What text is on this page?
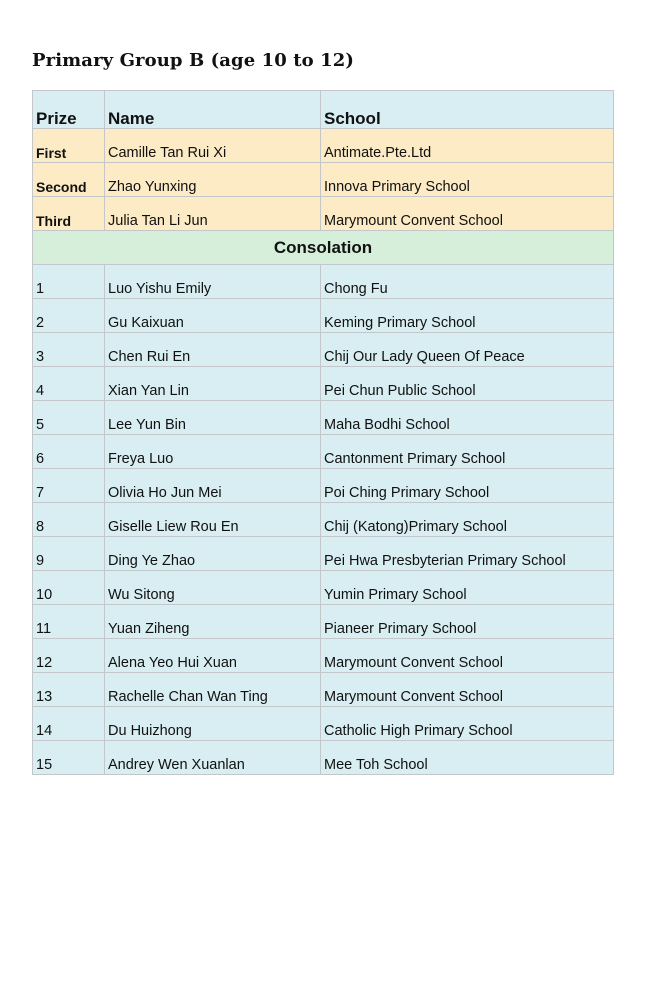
Primary Group B (age 10 to 12)
Prize	Name	School
First	Camille Tan Rui Xi	Antimate.Pte.Ltd
Second	Zhao Yunxing	Innova Primary School
Third	Julia Tan Li Jun	Marymount Convent School
Consolation		
1	Luo Yishu Emily	Chong Fu
2	Gu Kaixuan	Keming Primary School
3	Chen Rui En	Chij Our Lady Queen Of Peace
4	Xian Yan Lin	Pei Chun Public School
5	Lee Yun Bin	Maha Bodhi School
6	Freya Luo	Cantonment Primary School
7	Olivia Ho Jun Mei	Poi Ching Primary School
8	Giselle Liew Rou En	Chij (Katong)Primary School
9	Ding Ye Zhao	Pei Hwa Presbyterian Primary School
10	Wu Sitong	Yumin Primary School
11	Yuan Ziheng	Pianeer Primary School
12	Alena Yeo Hui Xuan	Marymount Convent School
13	Rachelle Chan Wan Ting	Marymount Convent School
14	Du Huizhong	Catholic High Primary School
15	Andrey Wen Xuanlan	Mee Toh School
